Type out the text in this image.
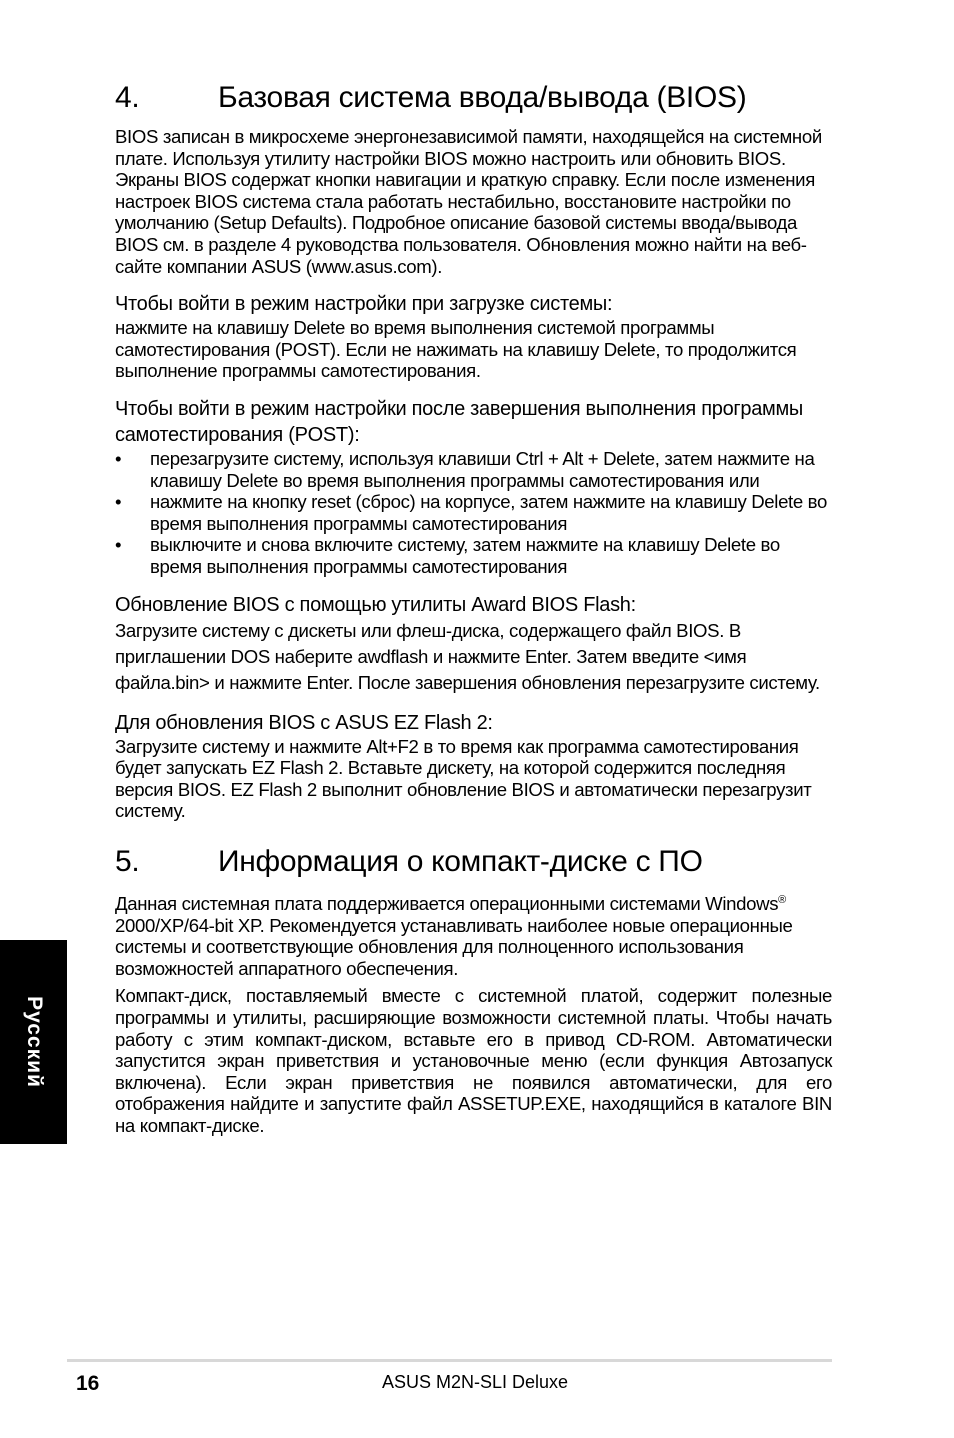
4.	Базовая система ввода/вывода (BIOS)

BIOS записан в микросхеме энергонезависимой памяти, находящейся на системной плате. Используя утилиту настройки BIOS можно настроить или обновить BIOS. Экраны BIOS содержат кнопки навигации и краткую справку. Если после изменения настроек BIOS система стала работать нестабильно, восстановите настройки по умолчанию (Setup Defaults). Подробное описание базовой системы ввода/вывода BIOS см. в разделе 4 руководства пользователя. Обновления можно найти на веб-сайте компании ASUS (www.asus.com).

Чтобы войти в режим настройки при загрузке системы:

нажмите на клавишу Delete во время выполнения системой программы самотестирования (POST). Если не нажимать на клавишу Delete, то продолжится выполнение программы самотестирования.

Чтобы войти в режим настройки после завершения выполнения программы самотестирования (POST):

• перезагрузите систему, используя клавиши Ctrl + Alt + Delete, затем нажмите на клавишу Delete во время выполнения программы самотестирования или
• нажмите на кнопку reset (сброс) на корпусе, затем нажмите на клавишу Delete во время выполнения программы самотестирования
• выключите и снова включите систему, затем нажмите на клавишу Delete во время выполнения программы самотестирования

Обновление BIOS с помощью утилиты Award BIOS Flash:

Загрузите систему с дискеты или флеш-диска, содержащего файл BIOS. В приглашении DOS наберите awdflash и нажмите Enter. Затем введите <имя файла.bin> и нажмите Enter. После завершения обновления перезагрузите систему.

Для обновления BIOS с ASUS EZ Flash 2:

Загрузите систему и нажмите Alt+F2 в то время как программа самотестирования будет запускать EZ Flash 2. Вставьте дискету, на которой содержится последняя версия BIOS. EZ Flash 2 выполнит обновление BIOS и автоматически перезагрузит систему.

5.	Информация о компакт-диске с ПО

Данная системная плата поддерживается операционными системами Windows® 2000/XP/64-bit XP. Рекомендуется устанавливать наиболее новые операционные системы и соответствующие обновления для полноценного использования возможностей аппаратного обеспечения.

Компакт-диск, поставляемый вместе с системной платой, содержит полезные программы и утилиты, расширяющие возможности системной платы. Чтобы начать работу с этим компакт-диском, вставьте его в привод CD-ROM. Автоматически запустится экран приветствия и установочные меню (если функция Автозапуск включена). Если экран приветствия не появился автоматически, для его отображения найдите и запустите файл ASSETUP.EXE, находящийся в каталоге BIN на компакт-диске.

Русский
16	ASUS M2N-SLI Deluxe
